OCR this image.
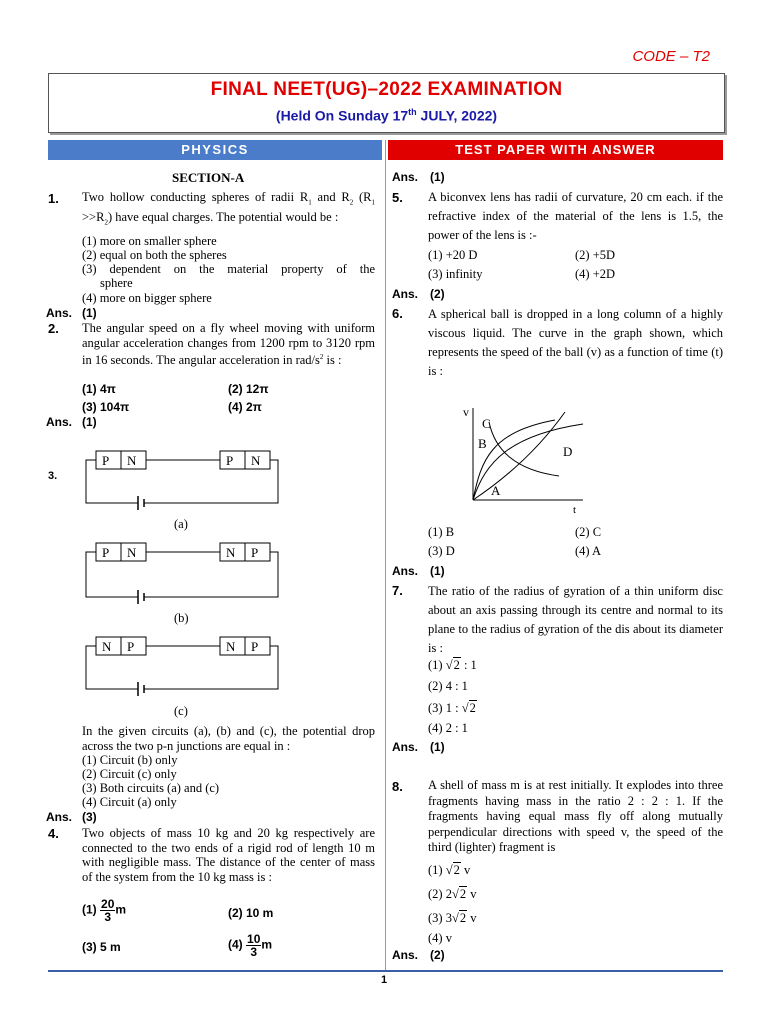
CODE – T2
FINAL NEET(UG)–2022 EXAMINATION
(Held On Sunday 17th JULY, 2022)
PHYSICS	TEST PAPER WITH ANSWER
SECTION-A
1. Two hollow conducting spheres of radii $R_1$ and $R_2$ $(R_1 >>R_2)$ have equal charges. The potential would be :
(1) more on smaller sphere
(2) equal on both the spheres
(3) dependent on the material property of the
sphere
(4) more on bigger sphere
Ans. (1)
2. The angular speed on a fly wheel moving with uniform angular acceleration changes from 1200 rpm to 3120 rpm in 16 seconds. The angular acceleration in rad/$s^2$ is :
(1) 4π	(2) 12π
(3) 104π	(4) 2π
Ans. (1)
3.
P N	P N
(a)
P N	N P
(b)
N P	N P
(c)
In the given circuits (a), (b) and (c), the potential drop across the two p-n junctions are equal in :
(1) Circuit (b) only
(2) Circuit (c) only
(3) Both circuits (a) and (c)
(4) Circuit (a) only
Ans. (3)
4. Two objects of mass 10 kg and 20 kg respectively are connected to the two ends of a rigid rod of length 10 m with negligible mass. The distance of the center of mass of the system from the 10 kg mass is :
$(1) \frac{20}{3}$ m	(2) 10 m
(3) 5 m	$(4) \frac{10}{3}$ m
Ans. (1)
5. A biconvex lens has radii of curvature, 20 cm each. if the refractive index of the material of the lens is 1.5, the power of the lens is :-
(1) +20 D	(2) +5D
(3) infinity	(4) +2D
Ans. (2)
6. A spherical ball is dropped in a long column of a highly viscous liquid. The curve in the graph shown, which represents the speed of the ball (v) as a function of time (t) is :
v
t
A
B
C
D
(1) B	(2) C
(3) D	(4) A
Ans. (1)
7. The ratio of the radius of gyration of a thin uniform disc about an axis passing through its centre and normal to its plane to the radius of gyration of the dis about its diameter is :
(1) √2 : 1
(2) 4 : 1
(3) 1 : √2
(4) 2 : 1
Ans. (1)
8. A shell of mass m is at rest initially. It explodes into three fragments having mass in the ratio 2 : 2 : 1. If the fragments having equal mass fly off along mutually perpendicular directions with speed v, the speed of the third (lighter) fragment is
(1) √2 v
(2) 2√2 v
(3) 3√2 v
(4) v
Ans. (2)
1
